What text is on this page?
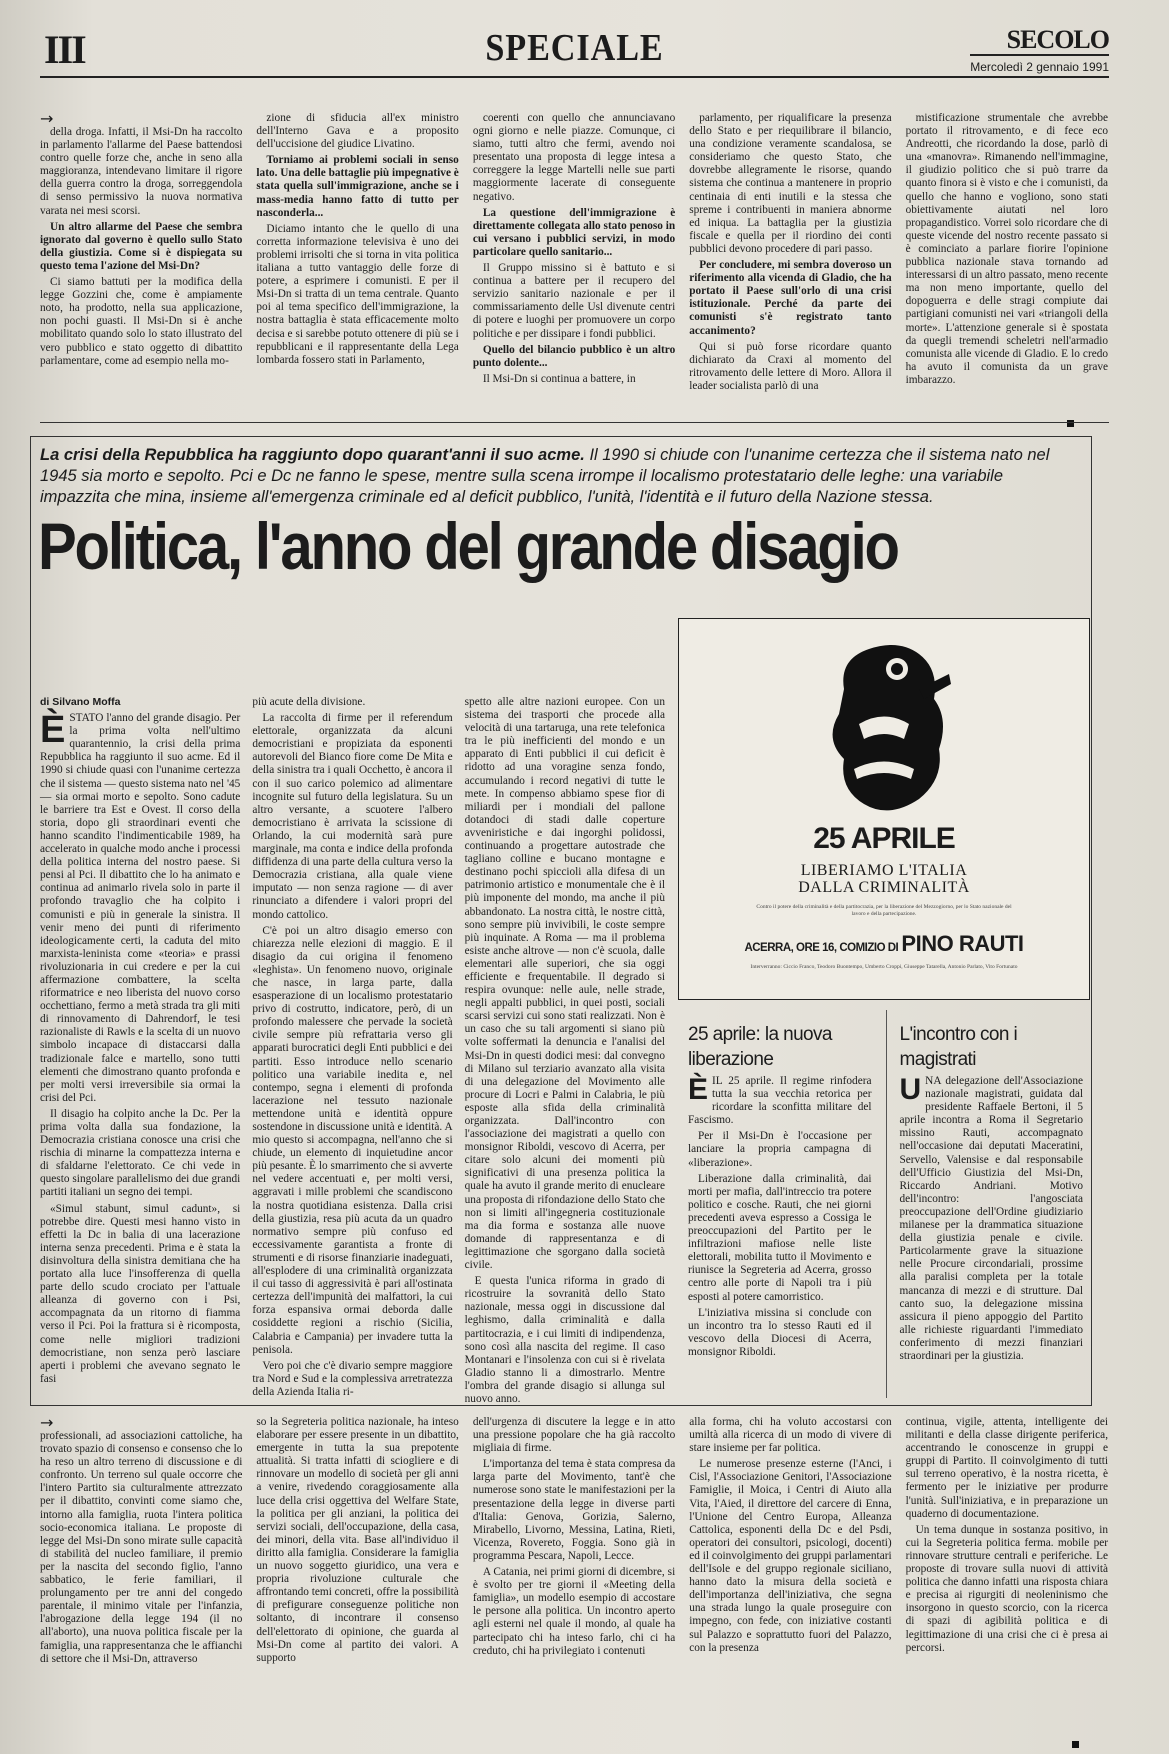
III	SPECIALE	SECOLO
Mercoledì 2 gennaio 1991
→

della droga. Infatti, il Msi-Dn ha raccolto in parlamento l'allarme del Paese battendosi contro quelle forze che, anche in seno alla maggioranza, intendevano limitare il rigore della guerra contro la droga, sorreggendola di senso permissivo la nuova normativa varata nei mesi scorsi.

Un altro allarme del Paese che sembra ignorato dal governo è quello sullo Stato della giustizia. Come si è dispiegata su questo tema l'azione del Msi-Dn?

Ci siamo battuti per la modifica della legge Gozzini che, come è ampiamente noto, ha prodotto, nella sua applicazione, non pochi guasti. Il Msi-Dn si è anche mobilitato quando solo lo stato illustrato del vero pubblico e stato oggetto di dibattito parlamentare, come ad esempio nella mo-

zione di sfiducia all'ex ministro dell'Interno Gava e a proposito dell'uccisione del giudice Livatino.

Torniamo ai problemi sociali in senso lato. Una delle battaglie più impegnative è stata quella sull'immigrazione, anche se i mass-media hanno fatto di tutto per nasconderla...

Diciamo intanto che le quello di una corretta informazione televisiva è uno dei problemi irrisolti che si torna in vita politica italiana a tutto vantaggio delle forze di potere, a esprimere i comunisti. E per il Msi-Dn si tratta di un tema centrale. Quanto poi al tema specifico dell'immigrazione, la nostra battaglia è stata efficacemente molto decisa e si sarebbe potuto ottenere di più se i repubblicani e il rappresentante della Lega lombarda fossero stati in Parlamento,

coerenti con quello che annunciavano ogni giorno e nelle piazze. Comunque, ci siamo, tutti altro che fermi, avendo noi presentato una proposta di legge intesa a correggere la legge Martelli nelle sue parti maggiormente lacerate di conseguente negativo.

La questione dell'immigrazione è direttamente collegata allo stato penoso in cui versano i pubblici servizi, in modo particolare quello sanitario...

Il Gruppo missino si è battuto e si continua a battere per il recupero del servizio sanitario nazionale e per il commissariamento delle Usl divenute centri di potere e luoghi per promuovere un corpo politiche e per dissipare i fondi pubblici.

Quello del bilancio pubblico è un altro punto dolente...

Il Msi-Dn si continua a battere, in

parlamento, per riqualificare la presenza dello Stato e per riequilibrare il bilancio, una condizione veramente scandalosa, se consideriamo che questo Stato, che dovrebbe allegramente le risorse, quando sistema che continua a mantenere in proprio centinaia di enti inutili e la stessa che spreme i contribuenti in maniera abnorme ed iniqua. La battaglia per la giustizia fiscale e quella per il riordino dei conti pubblici devono procedere di pari passo.

Per concludere, mi sembra doveroso un riferimento alla vicenda di Gladio, che ha portato il Paese sull'orlo di una crisi istituzionale. Perché da parte dei comunisti s'è registrato tanto accanimento?

Qui si può forse ricordare quanto dichiarato da Craxi al momento del ritrovamento delle lettere di Moro. Allora il leader socialista parlò di una

mistificazione strumentale che avrebbe portato il ritrovamento, e di fece eco Andreotti, che ricordando la dose, parlò di una «manovra». Rimanendo nell'immagine, il giudizio politico che si può trarre da quanto finora si è visto e che i comunisti, da quello che hanno e vogliono, sono stati obiettivamente aiutati nel loro propagandistico. Vorrei solo ricordare che di queste vicende del nostro recente passato si è cominciato a parlare fiorire l'opinione pubblica nazionale stava tornando ad interessarsi di un altro passato, meno recente ma non meno importante, quello del dopoguerra e delle stragi compiute dai partigiani comunisti nei vari «triangoli della morte». L'attenzione generale si è spostata da quegli tremendi scheletri nell'armadio comunista alle vicende di Gladio. E lo credo ha avuto il comunista da un grave imbarazzo.

La crisi della Repubblica ha raggiunto dopo quarant'anni il suo acme. Il 1990 si chiude con l'unanime certezza che il sistema nato nel 1945 sia morto e sepolto. Pci e Dc ne fanno le spese, mentre sulla scena irrompe il localismo protestatario delle leghe: una variabile impazzita che mina, insieme all'emergenza criminale ed al deficit pubblico, l'unità, l'identità e il futuro della Nazione stessa.
Politica, l'anno del grande disagio

di Silvano Moffa

ÈSTATO l'anno del grande disagio. Per la prima volta nell'ultimo quarantennio, la crisi della prima Repubblica ha raggiunto il suo acme. Ed il 1990 si chiude quasi con l'unanime certezza che il sistema — questo sistema nato nel '45 — sia ormai morto e sepolto. Sono cadute le barriere tra Est e Ovest. Il corso della storia, dopo gli straordinari eventi che hanno scandito l'indimenticabile 1989, ha accelerato in qualche modo anche i processi della politica interna del nostro paese. Si pensi al Pci. Il dibattito che lo ha animato e continua ad animarlo rivela solo in parte il profondo travaglio che ha colpito i comunisti e più in generale la sinistra. Il venir meno dei punti di riferimento ideologicamente certi, la caduta del mito marxista-leninista come «teoria» e prassi rivoluzionaria in cui credere e per la cui affermazione combattere, la scelta riformatrice e neo liberista del nuovo corso occhettiano, fermo a metà strada tra gli miti di rinnovamento di Dahrendorf, le tesi razionaliste di Rawls e la scelta di un nuovo simbolo incapace di distaccarsi dalla tradizionale falce e martello, sono tutti elementi che dimostrano quanto profonda e per molti versi irreversibile sia ormai la crisi del Pci.

Il disagio ha colpito anche la Dc. Per la prima volta dalla sua fondazione, la Democrazia cristiana conosce una crisi che rischia di minarne la compattezza interna e di sfaldarne l'elettorato. Ce chi vede in questo singolare parallelismo dei due grandi partiti italiani un segno dei tempi.

«Simul stabunt, simul cadunt», si potrebbe dire. Questi mesi hanno visto in effetti la Dc in balia di una lacerazione interna senza precedenti. Prima e è stata la disinvoltura della sinistra demitiana che ha portato alla luce l'insofferenza di quella parte dello scudo crociato per l'attuale alleanza di governo con i Psi, accompagnata da un ritorno di fiamma verso il Pci. Poi la frattura si è ricomposta, come nelle migliori tradizioni democristiane, non senza però lasciare aperti i problemi che avevano segnato le fasi

più acute della divisione.

La raccolta di firme per il referendum elettorale, organizzata da alcuni democristiani e propiziata da esponenti autorevoli del Bianco fiore come De Mita e della sinistra tra i quali Occhetto, è ancora il con il suo carico polemico ad alimentare incognite sul futuro della legislatura. Su un altro versante, a scuotere l'albero democristiano è arrivata la scissione di Orlando, la cui modernità sarà pure marginale, ma conta e indice della profonda diffidenza di una parte della cultura verso la Democrazia cristiana, alla quale viene imputato — non senza ragione — di aver rinunciato a difendere i valori propri del mondo cattolico.

C'è poi un altro disagio emerso con chiarezza nelle elezioni di maggio. E il disagio da cui origina il fenomeno «leghista». Un fenomeno nuovo, originale che nasce, in larga parte, dalla esasperazione di un localismo protestatario privo di costrutto, indicatore, però, di un profondo malessere che pervade la società civile sempre più refrattaria verso gli apparati burocratici degli Enti pubblici e dei partiti. Esso introduce nello scenario politico una variabile inedita e, nel contempo, segna i elementi di profonda lacerazione nel tessuto nazionale mettendone unità e identità oppure sostendone in discussione unità e identità. A mio questo si accompagna, nell'anno che si chiude, un elemento di inquietudine ancor più pesante. È lo smarrimento che si avverte nel vedere accentuati e, per molti versi, aggravati i mille problemi che scandiscono la nostra quotidiana esistenza. Dalla crisi della giustizia, resa più acuta da un quadro normativo sempre più confuso ed eccessivamente garantista a fronte di strumenti e di risorse finanziarie inadeguati, all'esplodere di una criminalità organizzata il cui tasso di aggressività è pari all'ostinata certezza dell'impunità dei malfattori, la cui forza espansiva ormai deborda dalle cosiddette regioni a rischio (Sicilia, Calabria e Campania) per invadere tutta la penisola.

Vero poi che c'è divario sempre maggiore tra Nord e Sud e la complessiva arretratezza della Azienda Italia ri-

spetto alle altre nazioni europee. Con un sistema dei trasporti che procede alla velocità di una tartaruga, una rete telefonica tra le più inefficienti del mondo e un apparato di Enti pubblici il cui deficit è ridotto ad una voragine senza fondo, accumulando i record negativi di tutte le mete. In compenso abbiamo spese fior di miliardi per i mondiali del pallone dotandoci di stadi dalle coperture avveniristiche e dai ingorghi polidossi, continuando a progettare autostrade che tagliano colline e bucano montagne e destinano pochi spiccioli alla difesa di un patrimonio artistico e monumentale che è il più imponente del mondo, ma anche il più abbandonato. La nostra città, le nostre città, sono sempre più invivibili, le coste sempre più inquinate. A Roma — ma il problema esiste anche altrove — non c'è scuola, dalle elementari alle superiori, che sia oggi efficiente e frequentabile. Il degrado si respira ovunque: nelle aule, nelle strade, negli appalti pubblici, in quei posti, sociali scarsi servizi cui sono stati realizzati. Non è un caso che su tali argomenti si siano più volte soffermati la denuncia e l'analisi del Msi-Dn in questi dodici mesi: dal convegno di Milano sul terziario avanzato alla visita di una delegazione del Movimento alle procure di Locri e Palmi in Calabria, le più esposte alla sfida della criminalità organizzata. Dall'incontro con l'associazione dei magistrati a quello con monsignor Riboldi, vescovo di Acerra, per citare solo alcuni dei momenti più significativi di una presenza politica la quale ha avuto il grande merito di enucleare una proposta di rifondazione dello Stato che non si limiti all'ingegneria costituzionale ma dia forma e sostanza alle nuove domande di rappresentanza e di legittimazione che sgorgano dalla società civile.

E questa l'unica riforma in grado di ricostruire la sovranità dello Stato nazionale, messa oggi in discussione dal leghismo, dalla criminalità e dalla partitocrazia, e i cui limiti di indipendenza, sono così alla nascita del regime. Il caso Montanari e l'insolenza con cui si è rivelata Gladio stanno li a dimostrarlo. Mentre l'ombra del grande disagio si allunga sul nuovo anno.

25 APRILE
LIBERIAMO L'ITALIA
DALLA CRIMINALITÀ
Contro il potere della criminalità e della partitocrazia, per la liberazione del Mezzogiorno, per lo Stato nazionale del lavoro e della partecipazione.
ACERRA, ORE 16, COMIZIO DI PINO RAUTI
Interverranno: Ciccio Franco, Teodoro Buontempo, Umberto Croppi, Giuseppe Tatarella, Antonio Parlato, Vito Fortunato

25 aprile: la nuova liberazione

ÈIL 25 aprile. Il regime rinfodera tutta la sua vecchia retorica per ricordare la sconfitta militare del Fascismo.

Per il Msi-Dn è l'occasione per lanciare la propria campagna di «liberazione».

Liberazione dalla criminalità, dai morti per mafia, dall'intreccio tra potere politico e cosche. Rauti, che nei giorni precedenti aveva espresso a Cossiga le preoccupazioni del Partito per le infiltrazioni mafiose nelle liste elettorali, mobilita tutto il Movimento e riunisce la Segreteria ad Acerra, grosso centro alle porte di Napoli tra i più esposti al potere camorristico.

L'iniziativa missina si conclude con un incontro tra lo stesso Rauti ed il vescovo della Diocesi di Acerra, monsignor Riboldi.

L'incontro con i magistrati

UNA delegazione dell'Associazione nazionale magistrati, guidata dal presidente Raffaele Bertoni, il 5 aprile incontra a Roma il Segretario missino Rauti, accompagnato nell'occasione dai deputati Maceratini, Servello, Valensise e dal responsabile dell'Ufficio Giustizia del Msi-Dn, Riccardo Andriani. Motivo dell'incontro: l'angosciata preoccupazione dell'Ordine giudiziario milanese per la drammatica situazione della giustizia penale e civile. Particolarmente grave la situazione nelle Procure circondariali, prossime alla paralisi completa per la totale mancanza di mezzi e di strutture. Dal canto suo, la delegazione missina assicura il pieno appoggio del Partito alle richieste riguardanti l'immediato conferimento di mezzi finanziari straordinari per la giustizia.

→

professionali, ad associazioni cattoliche, ha trovato spazio di consenso e consenso che lo ha reso un altro terreno di discussione e di confronto. Un terreno sul quale occorre che l'intero Partito sia culturalmente attrezzato per il dibattito, convinti come siamo che, intorno alla famiglia, ruota l'intera politica socio-economica italiana. Le proposte di legge del Msi-Dn sono mirate sulle capacità di stabilità del nucleo familiare, il premio per la nascita del secondo figlio, l'anno sabbatico, le ferie familiari, il prolungamento per tre anni del congedo parentale, il minimo vitale per l'infanzia, l'abrogazione della legge 194 (il no all'aborto), una nuova politica fiscale per la famiglia, una rappresentanza che le affianchi di settore che il Msi-Dn, attraverso

so la Segreteria politica nazionale, ha inteso elaborare per essere presente in un dibattito, emergente in tutta la sua prepotente attualità. Si tratta infatti di sciogliere e di rinnovare un modello di società per gli anni a venire, rivedendo coraggiosamente alla luce della crisi oggettiva del Welfare State, la politica per gli anziani, la politica dei servizi sociali, dell'occupazione, della casa, dei minori, della vita. Base all'individuo il diritto alla famiglia. Considerare la famiglia un nuovo soggetto giuridico, una vera e propria rivoluzione culturale che affrontando temi concreti, offre la possibilità di prefigurare conseguenze politiche non soltanto, di incontrare il consenso dell'elettorato di opinione, che guarda al Msi-Dn come al partito dei valori. A supporto

dell'urgenza di discutere la legge e in atto una pressione popolare che ha già raccolto migliaia di firme.

L'importanza del tema è stata compresa da larga parte del Movimento, tant'è che numerose sono state le manifestazioni per la presentazione della legge in diverse parti d'Italia: Genova, Gorizia, Salerno, Mirabello, Livorno, Messina, Latina, Rieti, Vicenza, Rovereto, Foggia. Sono già in programma Pescara, Napoli, Lecce.

A Catania, nei primi giorni di dicembre, si è svolto per tre giorni il «Meeting della famiglia», un modello esempio di accostare le persone alla politica. Un incontro aperto agli esterni nel quale il mondo, al quale ha partecipato chi ha inteso farlo, chi ci ha creduto, chi ha privilegiato i contenuti

alla forma, chi ha voluto accostarsi con umiltà alla ricerca di un modo di vivere di stare insieme per far politica.

Le numerose presenze esterne (l'Anci, i Cisl, l'Associazione Genitori, l'Associazione Famiglie, il Moica, i Centri di Aiuto alla Vita, l'Aied, il direttore del carcere di Enna, l'Unione del Centro Europa, Alleanza Cattolica, esponenti della Dc e del Psdi, operatori dei consultori, psicologi, docenti) ed il coinvolgimento dei gruppi parlamentari dell'Isole e del gruppo regionale siciliano, hanno dato la misura della società e dell'importanza dell'iniziativa, che segna una strada lungo la quale proseguire con impegno, con fede, con iniziative costanti sul Palazzo e soprattutto fuori del Palazzo, con la presenza

continua, vigile, attenta, intelligente dei militanti e della classe dirigente periferica, accentrando le conoscenze in gruppi e gruppi di Partito. Il coinvolgimento di tutti sul terreno operativo, è la nostra ricetta, è fermento per le iniziative per produrre l'unità. Sull'iniziativa, e in preparazione un quaderno di documentazione.

Un tema dunque in sostanza positivo, in cui la Segreteria politica ferma. mobile per rinnovare strutture centrali e periferiche. Le proposte di trovare sulla nuovi di attività politica che danno infatti una risposta chiara e precisa ai rigurgiti di neoleninismo che insorgono in questo scorcio, con la ricerca di spazi di agibilità politica e di legittimazione di una crisi che ci è presa ai percorsi.
